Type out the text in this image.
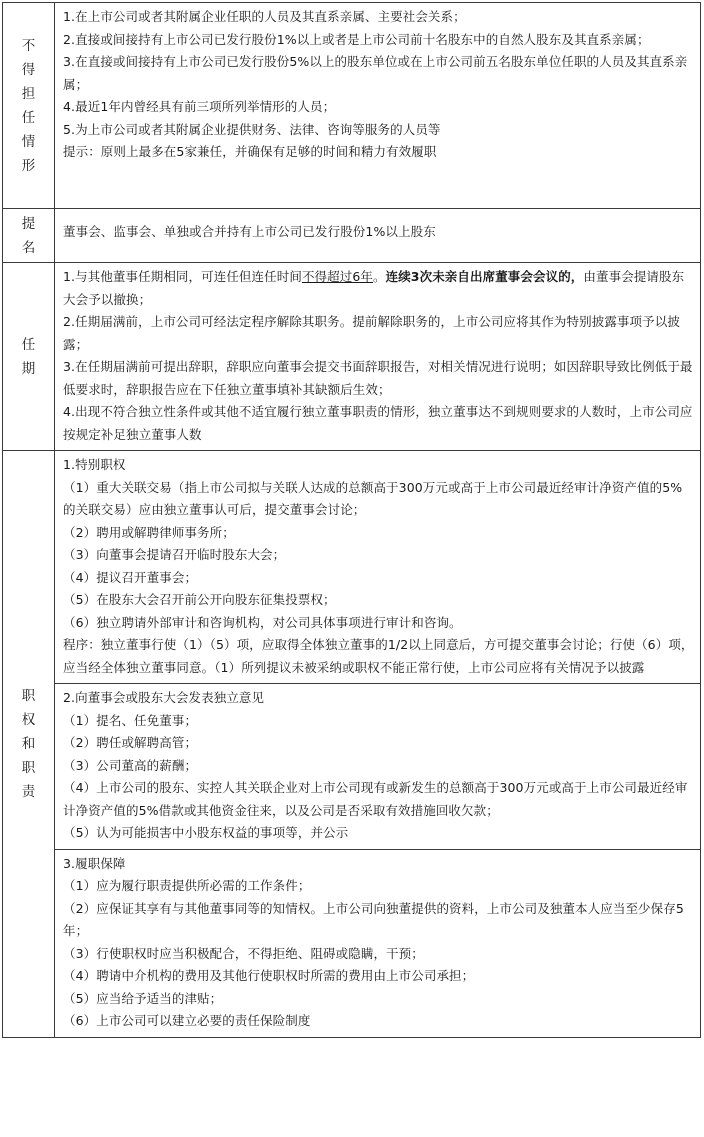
不得担任情形

1.在上市公司或者其附属企业任职的人员及其直系亲属、主要社会关系；

2.直接或间接持有上市公司已发行股份1%以上或者是上市公司前十名股东中的自然人股东及其直系亲属；

3.在直接或间接持有上市公司已发行股份5%以上的股东单位或在上市公司前五名股东单位任职的人员及其直系亲属；

4.最近1年内曾经具有前三项所列举情形的人员；

5.为上市公司或者其附属企业提供财务、法律、咨询等服务的人员等

提示：原则上最多在5家兼任，并确保有足够的时间和精力有效履职

提名

董事会、监事会、单独或合并持有上市公司已发行股份1%以上股东

任期

1.与其他董事任期相同，可连任但连任时间不得超过6年。连续3次未亲自出席董事会会议的，由董事会提请股东大会予以撤换；

2.任期届满前，上市公司可经法定程序解除其职务。提前解除职务的，上市公司应将其作为特别披露事项予以披露；

3.在任期届满前可提出辞职，辞职应向董事会提交书面辞职报告，对相关情况进行说明；如因辞职导致比例低于最低要求时，辞职报告应在下任独立董事填补其缺额后生效；

4.出现不符合独立性条件或其他不适宜履行独立董事职责的情形，独立董事达不到规则要求的人数时，上市公司应按规定补足独立董事人数

职权和职责

1.特别职权

（1）重大关联交易（指上市公司拟与关联人达成的总额高于300万元或高于上市公司最近经审计净资产值的5%的关联交易）应由独立董事认可后，提交董事会讨论；

（2）聘用或解聘律师事务所；

（3）向董事会提请召开临时股东大会；

（4）提议召开董事会；

（5）在股东大会召开前公开向股东征集投票权；

（6）独立聘请外部审计和咨询机构，对公司具体事项进行审计和咨询。

程序：独立董事行使（1）（5）项，应取得全体独立董事的1/2以上同意后，方可提交董事会讨论；行使（6）项，应当经全体独立董事同意。（1）所列提议未被采纳或职权不能正常行使，上市公司应将有关情况予以披露

2.向董事会或股东大会发表独立意见

（1）提名、任免董事；

（2）聘任或解聘高管；

（3）公司董高的薪酬；

（4）上市公司的股东、实控人其关联企业对上市公司现有或新发生的总额高于300万元或高于上市公司最近经审计净资产值的5%借款或其他资金往来，以及公司是否采取有效措施回收欠款；

（5）认为可能损害中小股东权益的事项等，并公示

3.履职保障

（1）应为履行职责提供所必需的工作条件；

（2）应保证其享有与其他董事同等的知情权。上市公司向独董提供的资料，上市公司及独董本人应当至少保存5年；

（3）行使职权时应当积极配合，不得拒绝、阻碍或隐瞒，干预；

（4）聘请中介机构的费用及其他行使职权时所需的费用由上市公司承担；

（5）应当给予适当的津贴；

（6）上市公司可以建立必要的责任保险制度
